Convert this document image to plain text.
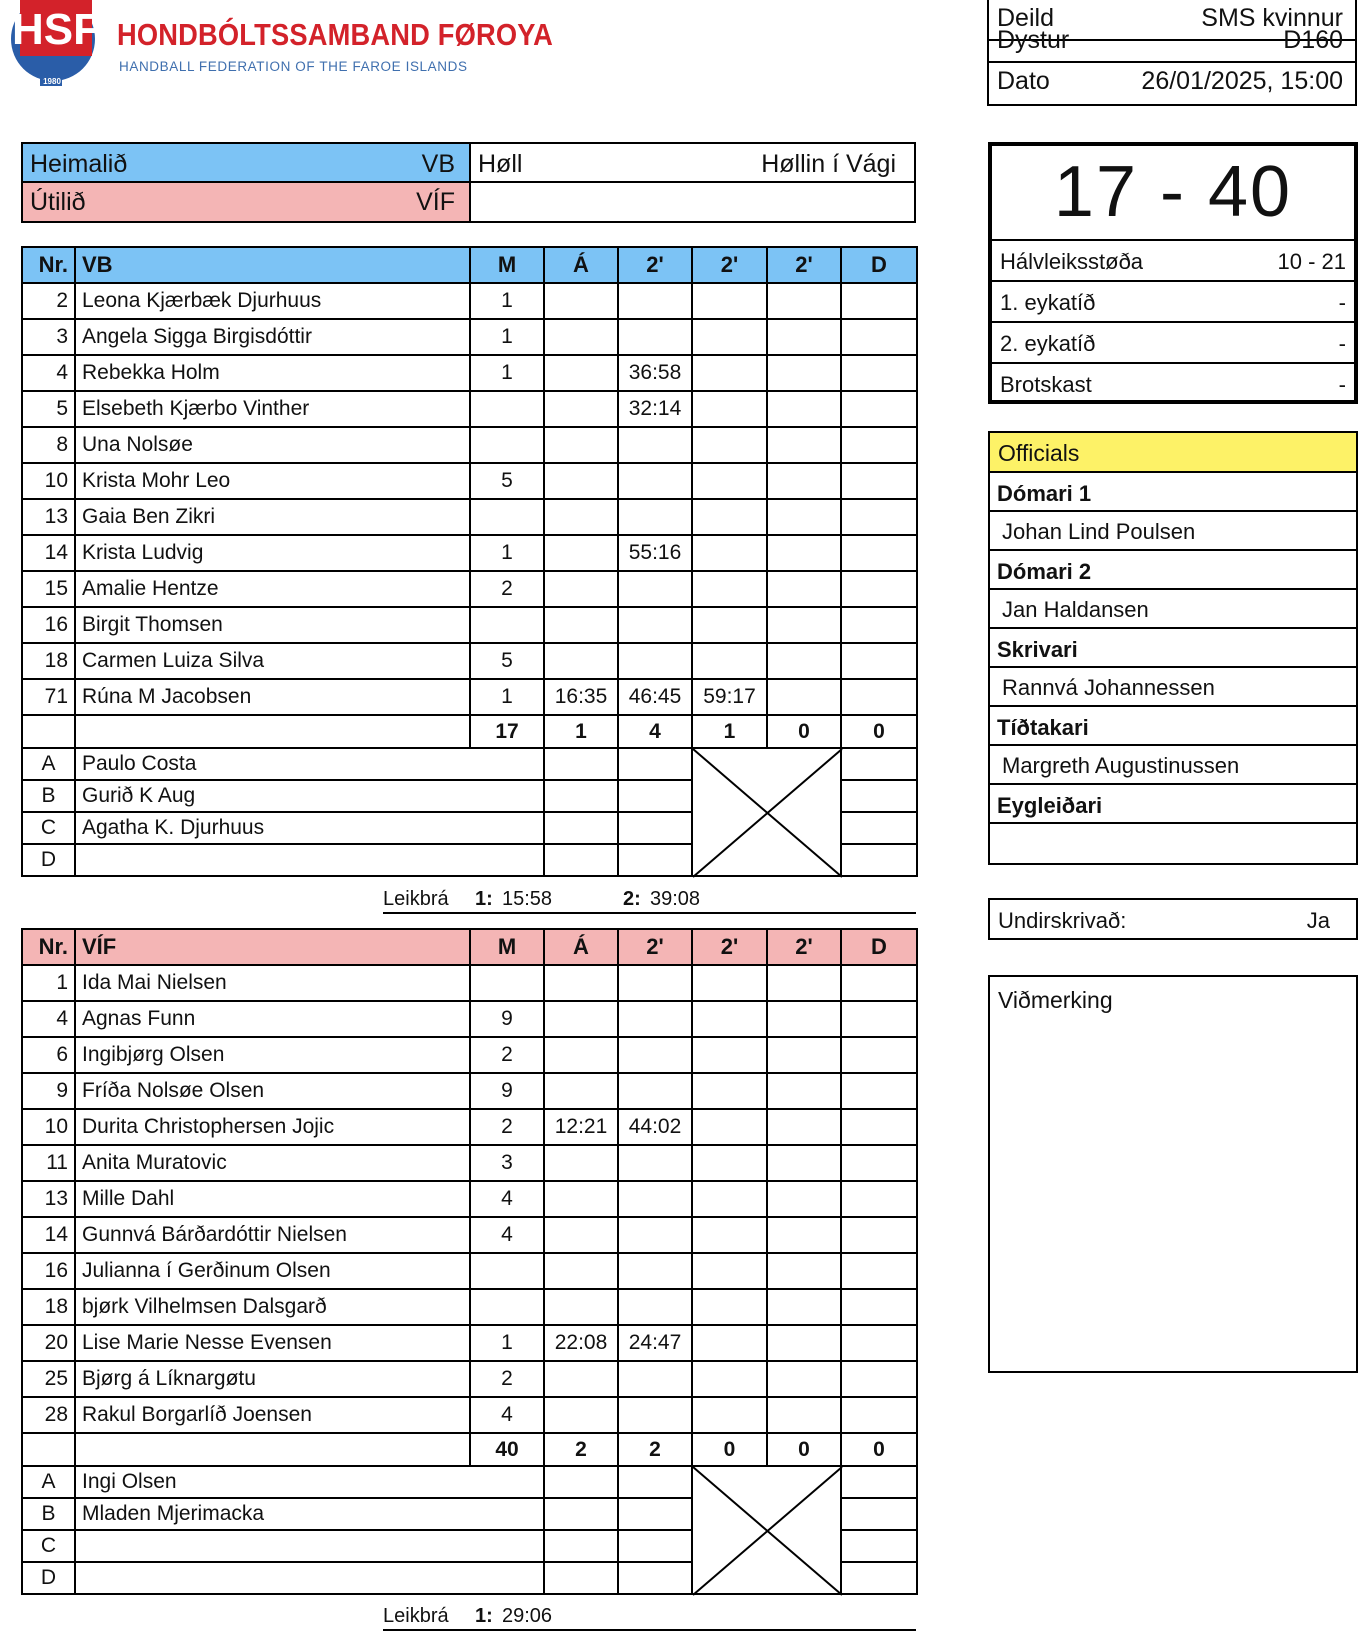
HSF
1980
HONDBÓLTSSAMBAND FØROYA
HANDBALL FEDERATION OF THE FAROE ISLANDS
Deild	SMS kvinnur
Dystur	D160
Dato	26/01/2025, 15:00
Heimalið	VB
Útilið	VÍF
Høll	Høllin í Vági
Nr.	VB	M	Á	2'	2'	2'	D
2	Leona Kjærbæk Djurhuus	1					
3	Angela Sigga Birgisdóttir	1					
4	Rebekka Holm	1		36:58			
5	Elsebeth Kjærbo Vinther			32:14			
8	Una Nolsøe						
10	Krista Mohr Leo	5					
13	Gaia Ben Zikri						
14	Krista Ludvig	1		55:16			
15	Amalie Hentze	2					
16	Birgit Thomsen						
18	Carmen Luiza Silva	5					
71	Rúna M Jacobsen	1	16:35	46:45	59:17		
		17	1	4	1	0	0
A	Paulo Costa			

B	Gurið K Aug						
C	Agatha K. Djurhuus						
D							
Leikbrá 1: 15:58	2: 39:08
Nr.	VÍF	M	Á	2'	2'	2'	D
1	Ida Mai Nielsen						
4	Agnas Funn	9					
6	Ingibjørg Olsen	2					
9	Fríða Nolsøe Olsen	9					
10	Durita Christophersen Jojic	2	12:21	44:02			
11	Anita Muratovic	3					
13	Mille Dahl	4					
14	Gunnvá Bárðardóttir Nielsen	4					
16	Julianna í Gerðinum Olsen						
18	bjørk Vilhelmsen Dalsgarð						
20	Lise Marie Nesse Evensen	1	22:08	24:47			
25	Bjørg á Líknargøtu	2					
28	Rakul Borgarlíð Joensen	4					
		40	2	2	0	0	0
A	Ingi Olsen			

B	Mladen Mjerimacka						
C							
D							
Leikbrá 1: 29:06
17 - 40
Hálvleiksstøða	10 - 21
1. eykatíð	-
2. eykatíð	-
Brotskast	-
Officials
Dómari 1
Johan Lind Poulsen
Dómari 2
Jan Haldansen
Skrivari
Rannvá Johannessen
Tíðtakari
Margreth Augustinussen
Eygleiðari
Undirskrivað:	Ja
Viðmerking
